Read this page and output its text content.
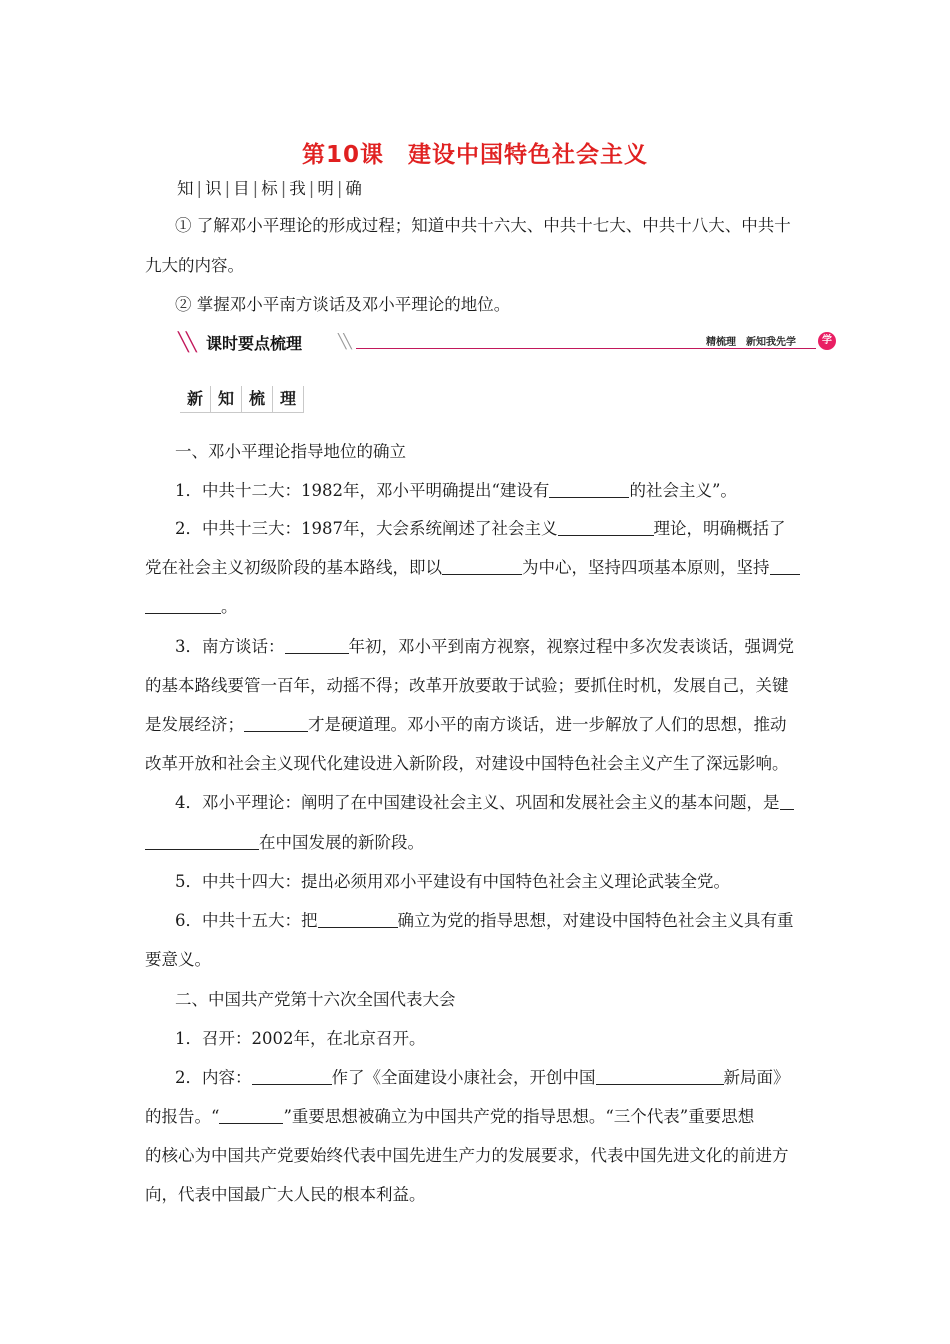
第10课　建设中国特色社会主义
知 | 识 | 目 | 标 | 我 | 明 | 确
① 了解邓小平理论的形成过程；知道中共十六大、中共十七大、中共十八大、中共十
九大的内容。
② 掌握邓小平南方谈话及邓小平理论的地位。
╲╲ 课时要点梳理	╲╲	精梳理　新知我先学	学
新 知 梳 理
一、邓小平理论指导地位的确立
1．中共十二大：1982年，邓小平明确提出“建设有	的社会主义”。
2．中共十三大：1987年，大会系统阐述了社会主义	理论，明确概括了
党在社会主义初级阶段的基本路线，即以	为中心，坚持四项基本原则，坚持
。
3．南方谈话：	年初，邓小平到南方视察，视察过程中多次发表谈话，强调党
的基本路线要管一百年，动摇不得；改革开放要敢于试验；要抓住时机，发展自己，关键
是发展经济；	才是硬道理。邓小平的南方谈话，进一步解放了人们的思想，推动
改革开放和社会主义现代化建设进入新阶段，对建设中国特色社会主义产生了深远影响。
4．邓小平理论：阐明了在中国建设社会主义、巩固和发展社会主义的基本问题，是
在中国发展的新阶段。
5．中共十四大：提出必须用邓小平建设有中国特色社会主义理论武装全党。
6．中共十五大：把	确立为党的指导思想，对建设中国特色社会主义具有重
要意义。
二、中国共产党第十六次全国代表大会
1．召开：2002年，在北京召开。
2．内容：	作了《全面建设小康社会，开创中国	新局面》
的报告。“	”重要思想被确立为中国共产党的指导思想。“三个代表”重要思想
的核心为中国共产党要始终代表中国先进生产力的发展要求，代表中国先进文化的前进方
向，代表中国最广大人民的根本利益。
